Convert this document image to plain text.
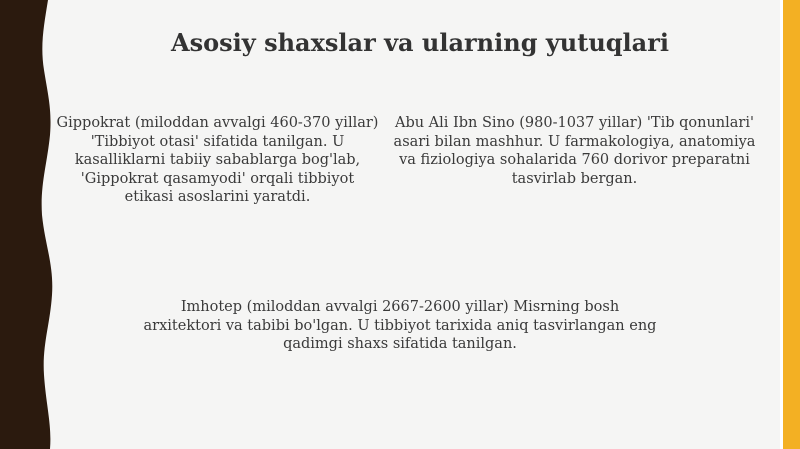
Asosiy shaxslar va ularning yutuqlari

Gippokrat (miloddan avvalgi 460-370 yillar) 'Tibbiyot otasi' sifatida tanilgan. U kasalliklarni tabiiy sabablarga bog'lab, 'Gippokrat qasamyodi' orqali tibbiyot etikasi asoslarini yaratdi.

Abu Ali Ibn Sino (980-1037 yillar) 'Tib qonunlari' asari bilan mashhur. U farmakologiya, anatomiya va fiziologiya sohalarida 760 dorivor preparatni tasvirlab bergan.

Imhotep (miloddan avvalgi 2667-2600 yillar) Misrning bosh arxitektori va tabibi bo'lgan. U tibbiyot tarixida aniq tasvirlangan eng qadimgi shaxs sifatida tanilgan.
